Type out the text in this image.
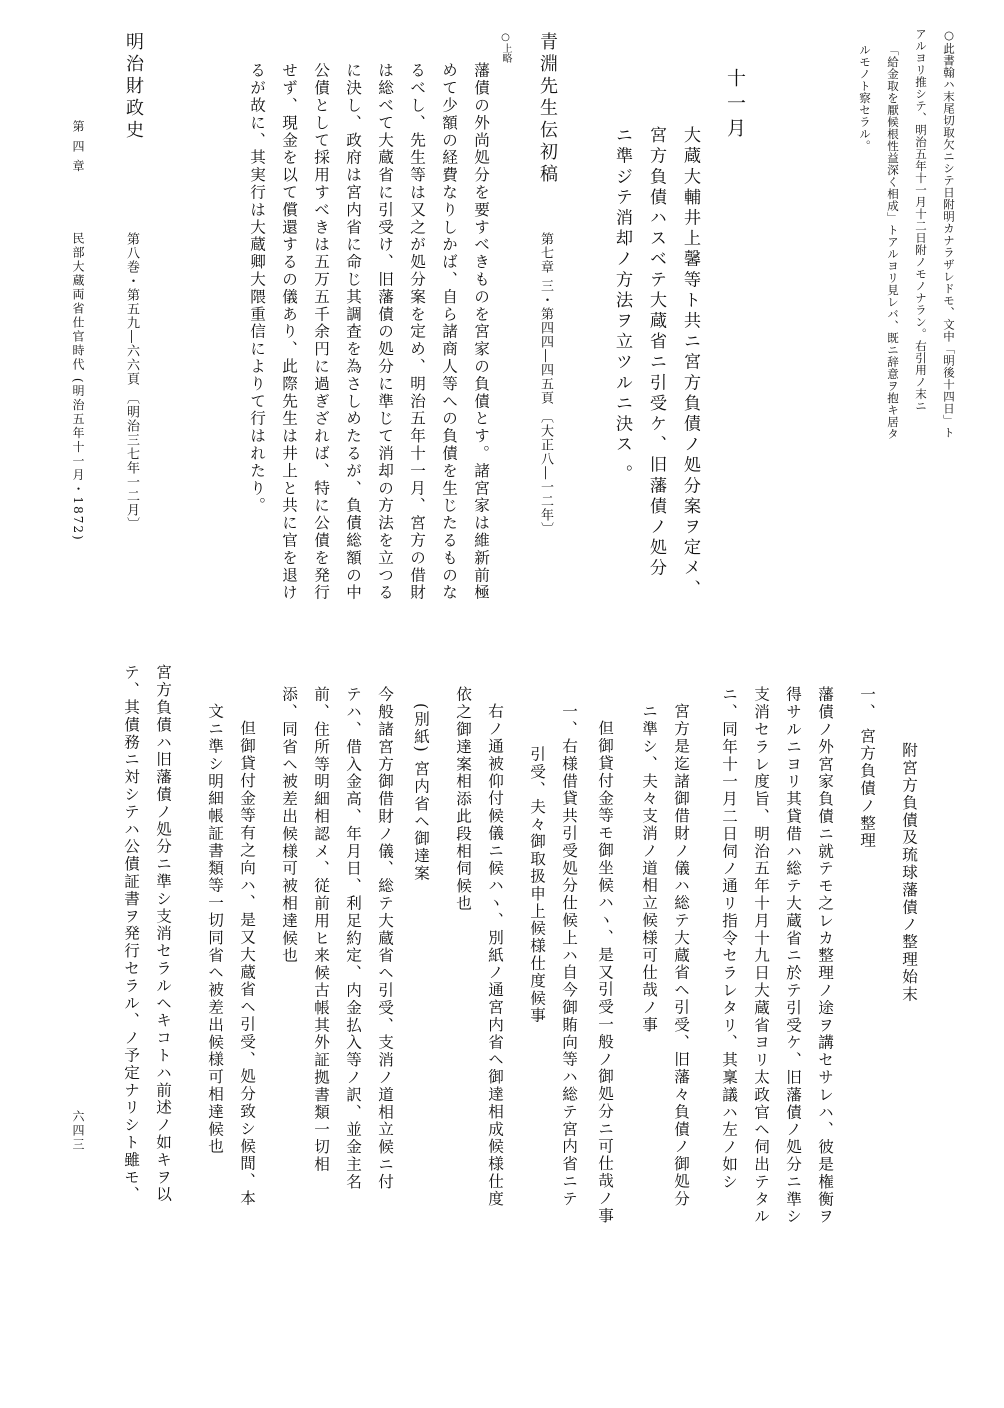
○此書翰ハ末尾切取欠ニシテ日附明カナラザレドモ、文中「明後十四日」ト
アルヨリ推シテ、明治五年十一月十二日附ノモノナラン。右引用ノ末ニ
「給金取を厭候根性益深く相成」トアルヨリ見レバ、既ニ辞意ヲ抱キ居タ
ルモノト察セラル。
十一月
大蔵大輔井上馨等ト共ニ宮方負債ノ処分案ヲ定メ、
宮方負債ハスベテ大蔵省ニ引受ケ、旧藩債ノ処分
ニ準ジテ消却ノ方法ヲ立ツルニ決ス 。
青淵先生伝初稿
第七章 三・第四四―四五頁 〔大正八―一二年〕
○上略
藩債の外尚処分を要すべきものを宮家の負債とす。諸宮家は維新前極
めて少額の経費なりしかば、自ら諸商人等への負債を生じたるものな
るべし、先生等は又之が処分案を定め、明治五年十一月、宮方の借財
は総べて大蔵省に引受け、旧藩債の処分に準じて消却の方法を立つる
に決し、政府は宮内省に命じ其調査を為さしめたるが、負債総額の中
公債として採用すべきは五万五千余円に過ぎざれば、特に公債を発行
せず、現金を以て償還するの儀あり、此際先生は井上と共に官を退け
るが故に、其実行は大蔵卿大隈重信によりて行はれたり。
明治財政史
第八巻・第五九―六六頁 〔明治三七年一二月〕
附宮方負債及琉球藩債ノ整理始末
一、 宮方負債ノ整理
藩債ノ外宮家負債ニ就テモ之レカ整理ノ途ヲ講セサレハ、彼是権衡ヲ
得サルニヨリ其貸借ハ総テ大蔵省ニ於テ引受ケ、旧藩債ノ処分ニ準シ
支消セラレ度旨、明治五年十月十九日大蔵省ヨリ太政官ヘ伺出テタル
ニ、同年十一月二日伺ノ通リ指令セラレタリ、其稟議ハ左ノ如シ
宮方是迄諸御借財ノ儀ハ総テ大蔵省ヘ引受、旧藩々負債ノ御処分
ニ準シ、夫々支消ノ道相立候様可仕哉ノ事
但御貸付金等モ御坐候ハヽ、是又引受一般ノ御処分ニ可仕哉ノ事
一、右様借貸共引受処分仕候上ハ自今御賄向等ハ総テ宮内省ニテ
引受、夫々御取扱申上候様仕度候事
右ノ通被仰付候儀ニ候ハヽ、別紙ノ通宮内省ヘ御達相成候様仕度
依之御達案相添此段相伺候也
(別紙) 宮内省ヘ御達案
今般諸宮方御借財ノ儀、総テ大蔵省ヘ引受、支消ノ道相立候ニ付
テハ、借入金高、年月日、利足約定、内金払入等ノ訳、並金主名
前、住所等明細相認メ、従前用ヒ来候古帳其外証拠書類一切相
添、同省ヘ被差出候様可被相達候也
但御貸付金等有之向ハ、是又大蔵省ヘ引受、処分致シ候間、本
文ニ準シ明細帳証書類等一切同省ヘ被差出候様可相達候也
宮方負債ハ旧藩債ノ処分ニ準シ支消セラルヘキコトハ前述ノ如キヲ以
テ、其債務ニ対シテハ公債証書ヲ発行セラル、ノ予定ナリシト雖モ、
第 四 章
民部大蔵両省仕官時代 (明治五年十一月・1872)
六四三
